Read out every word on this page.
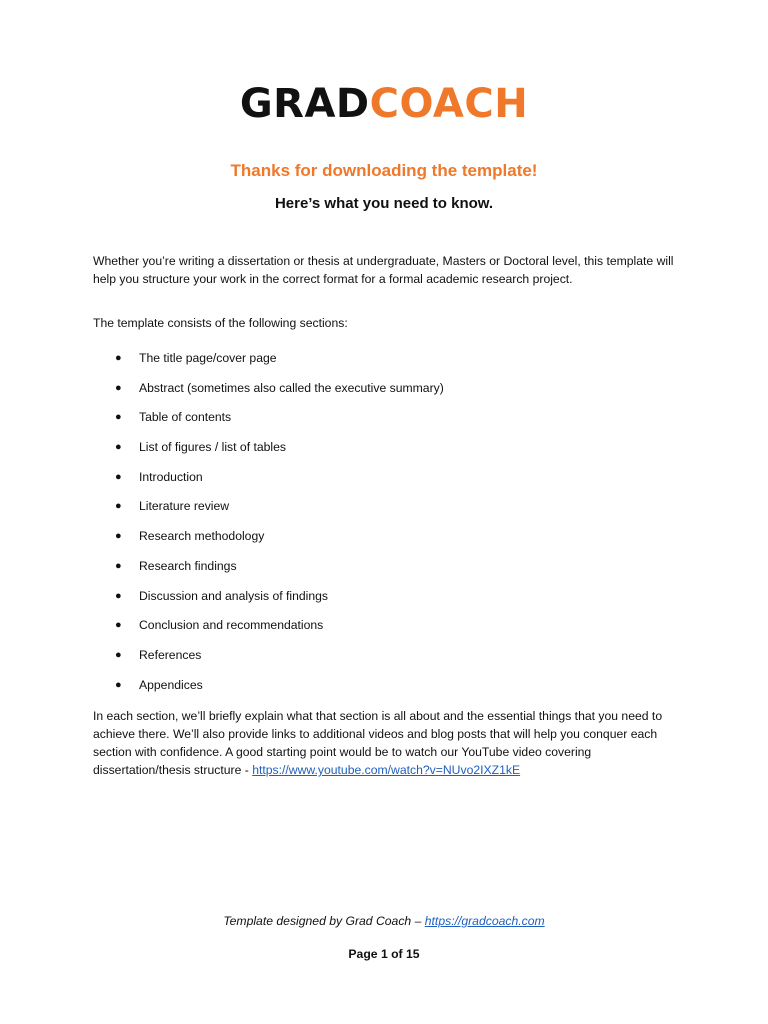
GRADCOACH
Thanks for downloading the template!
Here’s what you need to know.

Whether you’re writing a dissertation or thesis at undergraduate, Masters or Doctoral level, this template will help you structure your work in the correct format for a formal academic research project.

The template consists of the following sections:

● The title page/cover page
● Abstract (sometimes also called the executive summary)
● Table of contents
● List of figures / list of tables
● Introduction
● Literature review
● Research methodology
● Research findings
● Discussion and analysis of findings
● Conclusion and recommendations
● References
● Appendices

In each section, we’ll briefly explain what that section is all about and the essential things that you need to achieve there. We’ll also provide links to additional videos and blog posts that will help you conquer each section with confidence. A good starting point would be to watch our YouTube video covering dissertation/thesis structure - https://www.youtube.com/watch?v=NUvo2IXZ1kE

Template designed by Grad Coach – https://gradcoach.com
Page 1 of 15
